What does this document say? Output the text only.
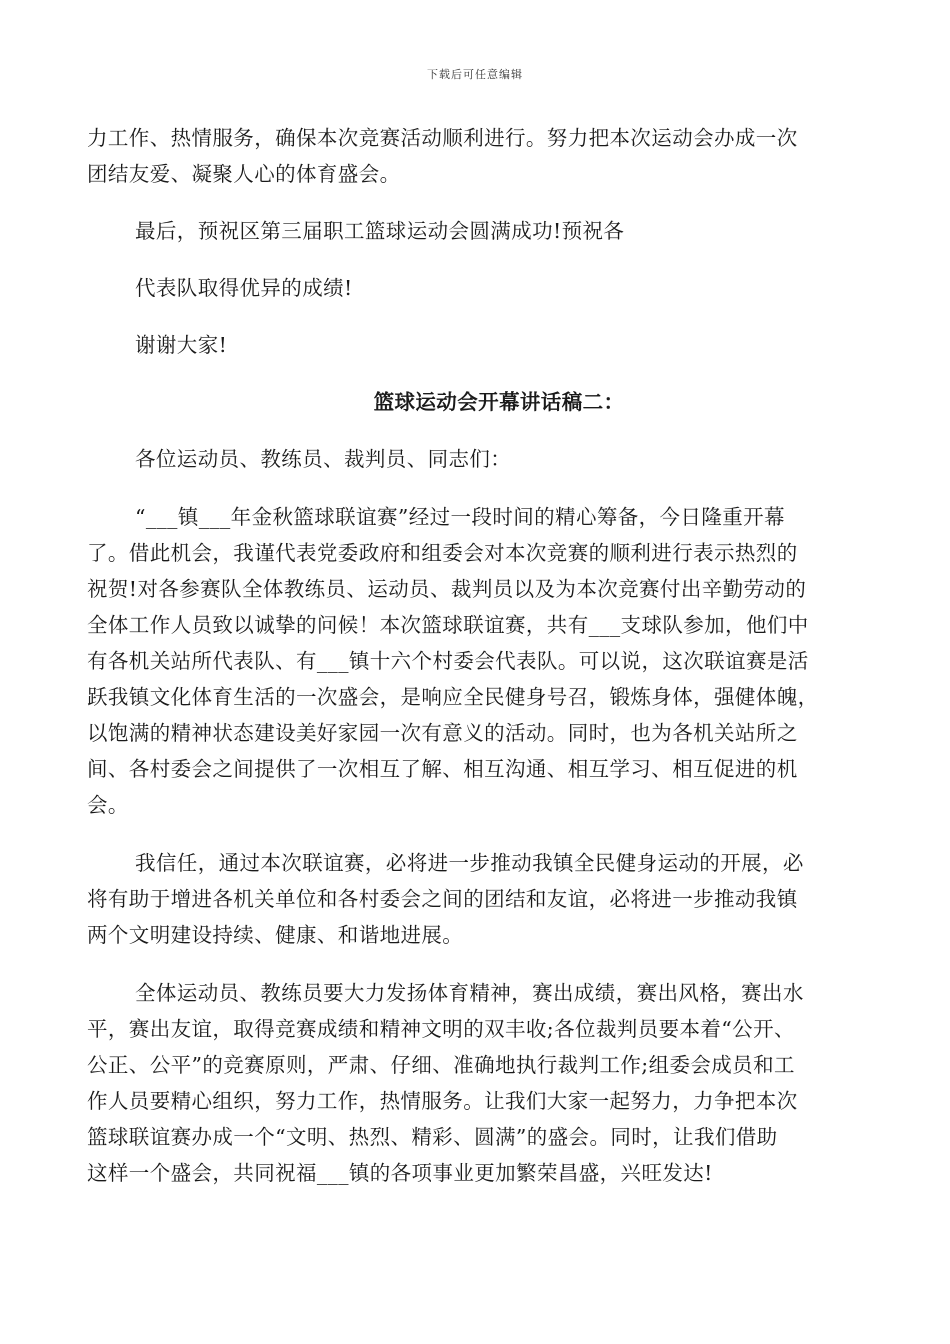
下载后可任意编辑
力工作、热情服务，确保本次竞赛活动顺利进行。努力把本次运动会办成一次
团结友爱、凝聚人心的体育盛会。
最后，预祝区第三届职工篮球运动会圆满成功!预祝各
代表队取得优异的成绩!
谢谢大家!
篮球运动会开幕讲话稿二：
各位运动员、教练员、裁判员、同志们：
“___镇___年金秋篮球联谊赛”经过一段时间的精心筹备，今日隆重开幕
了。借此机会，我谨代表党委政府和组委会对本次竞赛的顺利进行表示热烈的
祝贺!对各参赛队全体教练员、运动员、裁判员以及为本次竞赛付出辛勤劳动的
全体工作人员致以诚挚的问候！本次篮球联谊赛，共有___支球队参加，他们中
有各机关站所代表队、有___镇十六个村委会代表队。可以说，这次联谊赛是活
跃我镇文化体育生活的一次盛会，是响应全民健身号召，锻炼身体，强健体魄，
以饱满的精神状态建设美好家园一次有意义的活动。同时，也为各机关站所之
间、各村委会之间提供了一次相互了解、相互沟通、相互学习、相互促进的机
会。
我信任，通过本次联谊赛，必将进一步推动我镇全民健身运动的开展，必
将有助于增进各机关单位和各村委会之间的团结和友谊，必将进一步推动我镇
两个文明建设持续、健康、和谐地进展。
全体运动员、教练员要大力发扬体育精神，赛出成绩，赛出风格，赛出水
平，赛出友谊，取得竞赛成绩和精神文明的双丰收;各位裁判员要本着“公开、
公正、公平”的竞赛原则，严肃、仔细、准确地执行裁判工作;组委会成员和工
作人员要精心组织，努力工作，热情服务。让我们大家一起努力，力争把本次
篮球联谊赛办成一个“文明、热烈、精彩、圆满”的盛会。同时，让我们借助
这样一个盛会，共同祝福___镇的各项事业更加繁荣昌盛，兴旺发达!
